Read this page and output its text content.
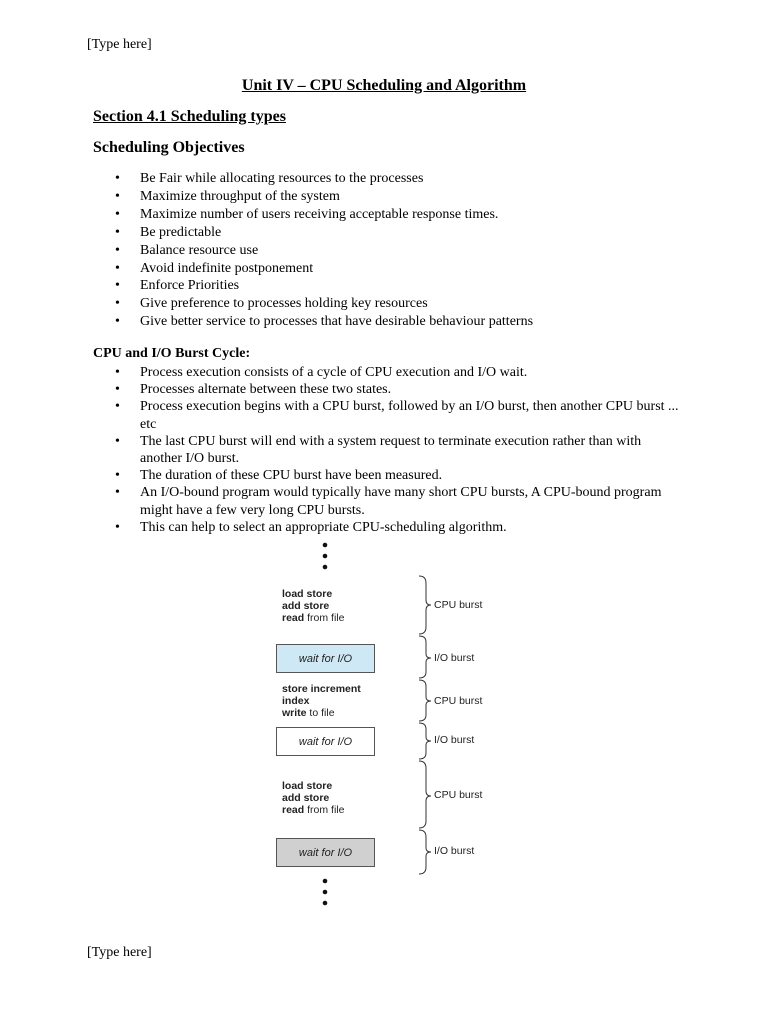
[Type here]
Unit IV – CPU Scheduling and Algorithm
Section 4.1 Scheduling types
Scheduling Objectives
• Be Fair while allocating resources to the processes
• Maximize throughput of the system
• Maximize number of users receiving acceptable response times.
• Be predictable
• Balance resource use
• Avoid indefinite postponement
• Enforce Priorities
• Give preference to processes holding key resources
• Give better service to processes that have desirable behaviour patterns
CPU and I/O Burst Cycle:
• Process execution consists of a cycle of CPU execution and I/O wait.
• Processes alternate between these two states.
• Process execution begins with a CPU burst, followed by an I/O burst, then another CPU burst ... etc
• The last CPU burst will end with a system request to terminate execution rather than with another I/O burst.
• The duration of these CPU burst have been measured.
• An I/O-bound program would typically have many short CPU bursts, A CPU-bound program might have a few very long CPU bursts.
• This can help to select an appropriate CPU-scheduling algorithm.
load store
add store
read from file
wait for I/O
store increment
index
write to file
wait for I/O
load store
add store
read from file
wait for I/O
CPU burst
I/O burst
CPU burst
I/O burst
CPU burst
I/O burst
[Type here]
